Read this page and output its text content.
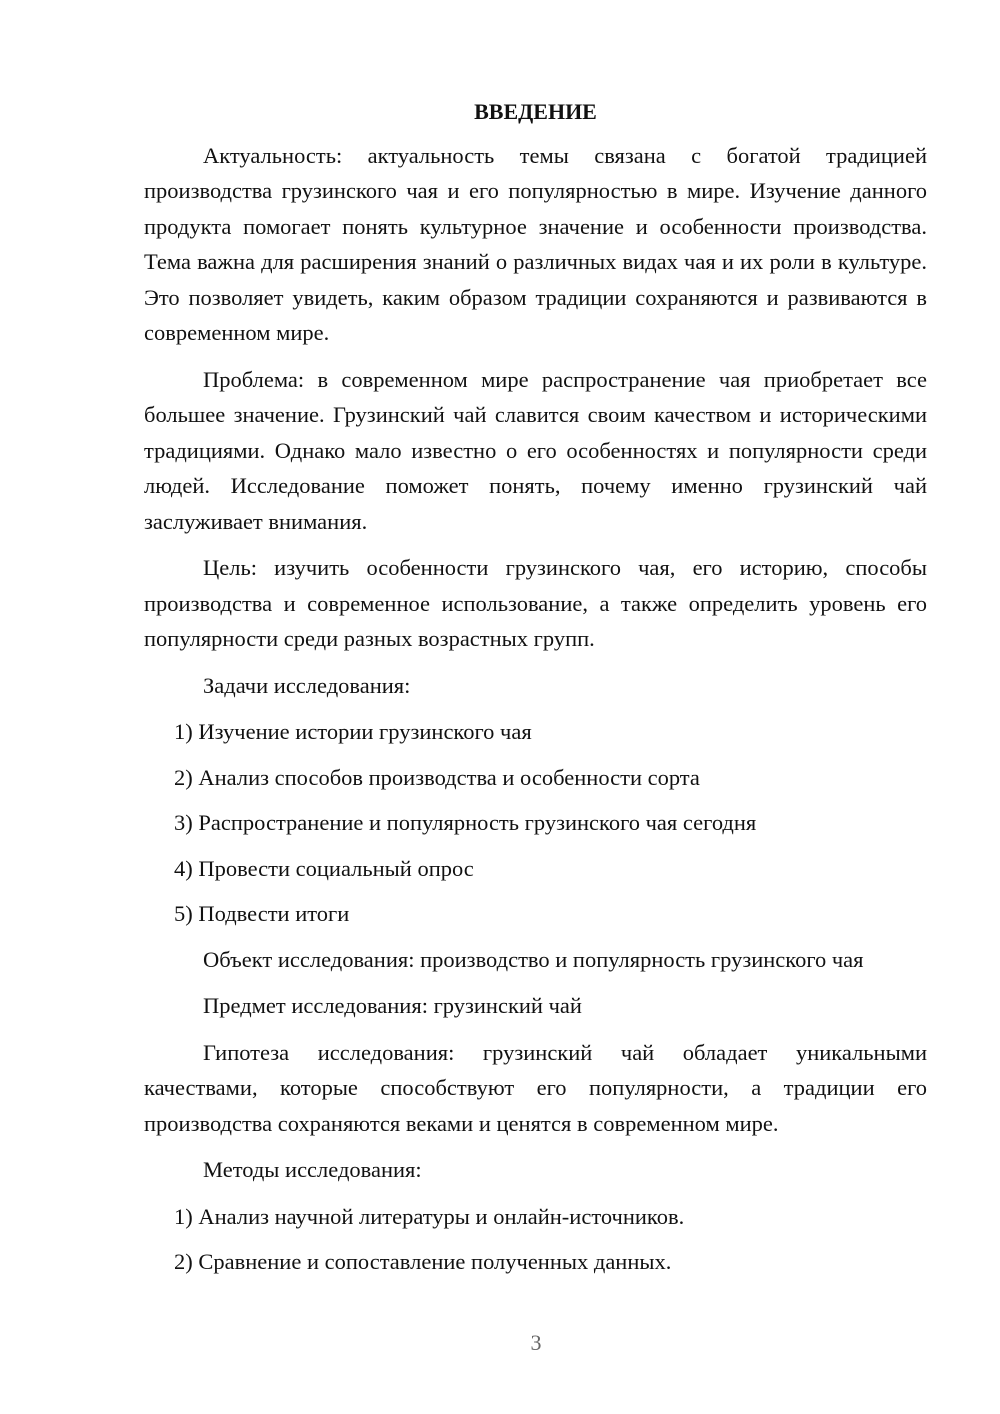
ВВЕДЕНИЕ

Актуальность: актуальность темы связана с богатой традицией производства грузинского чая и его популярностью в мире. Изучение данного продукта помогает понять культурное значение и особенности производства. Тема важна для расширения знаний о различных видах чая и их роли в культуре. Это позволяет увидеть, каким образом традиции сохраняются и развиваются в современном мире.

Проблема: в современном мире распространение чая приобретает все большее значение. Грузинский чай славится своим качеством и историческими традициями. Однако мало известно о его особенностях и популярности среди людей. Исследование поможет понять, почему именно грузинский чай заслуживает внимания.

Цель: изучить особенности грузинского чая, его историю, способы производства и современное использование, а также определить уровень его популярности среди разных возрастных групп.

Задачи исследования:

1) Изучение истории грузинского чая
2) Анализ способов производства и особенности сорта
3) Распространение и популярность грузинского чая сегодня
4) Провести социальный опрос
5) Подвести итоги

Объект исследования: производство и популярность грузинского чая

Предмет исследования: грузинский чай

Гипотеза исследования: грузинский чай обладает уникальными качествами, которые способствуют его популярности, а традиции его производства сохраняются веками и ценятся в современном мире.

Методы исследования:

1) Анализ научной литературы и онлайн-источников.
2) Сравнение и сопоставление полученных данных.
3
